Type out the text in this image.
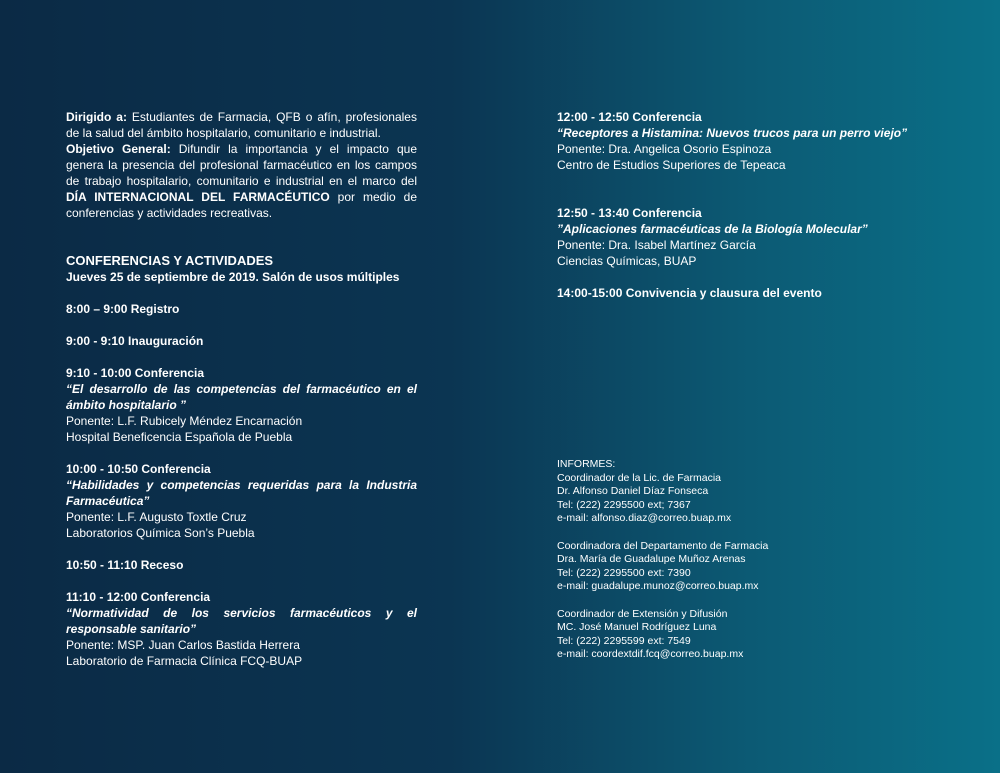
Dirigido a: Estudiantes de Farmacia, QFB o afín, profesionales de la salud del ámbito hospitalario, comunitario e industrial.
Objetivo General: Difundir la importancia y el impacto que genera la presencia del profesional farmacéutico en los campos de trabajo hospitalario, comunitario e industrial en el marco del DÍA INTERNACIONAL DEL FARMACÉUTICO por medio de conferencias y actividades recreativas.
CONFERENCIAS Y ACTIVIDADES
Jueves 25 de septiembre de 2019. Salón de usos múltiples
8:00 – 9:00 Registro
9:00 - 9:10 Inauguración
9:10 - 10:00 Conferencia
“El desarrollo de las competencias del farmacéutico en el ámbito hospitalario ”
Ponente: L.F. Rubicely Méndez Encarnación
Hospital Beneficencia Española de Puebla
10:00 - 10:50 Conferencia
“Habilidades y competencias requeridas para la Industria Farmacéutica”
Ponente: L.F. Augusto Toxtle Cruz
Laboratorios Química Son’s Puebla
10:50 - 11:10 Receso
11:10 - 12:00 Conferencia
“Normatividad de los servicios farmacéuticos y el responsable sanitario”
Ponente: MSP. Juan Carlos Bastida Herrera
Laboratorio de Farmacia Clínica FCQ-BUAP
12:00 - 12:50 Conferencia
“Receptores a Histamina: Nuevos trucos para un perro viejo”
Ponente: Dra. Angelica Osorio Espinoza
Centro de Estudios Superiores de Tepeaca
12:50 - 13:40 Conferencia
”Aplicaciones farmacéuticas de la Biología Molecular”
Ponente: Dra. Isabel Martínez García
Ciencias Químicas, BUAP
14:00-15:00 Convivencia y clausura del evento
INFORMES:
Coordinador de la Lic. de Farmacia
Dr. Alfonso Daniel Díaz Fonseca
Tel: (222) 2295500 ext; 7367
e-mail: alfonso.diaz@correo.buap.mx
Coordinadora del Departamento de Farmacia
Dra. María de Guadalupe Muñoz Arenas
Tel: (222) 2295500 ext: 7390
e-mail: guadalupe.munoz@correo.buap.mx
Coordinador de Extensión y Difusión
MC. José Manuel Rodríguez Luna
Tel: (222) 2295599 ext: 7549
e-mail: coordextdif.fcq@correo.buap.mx
